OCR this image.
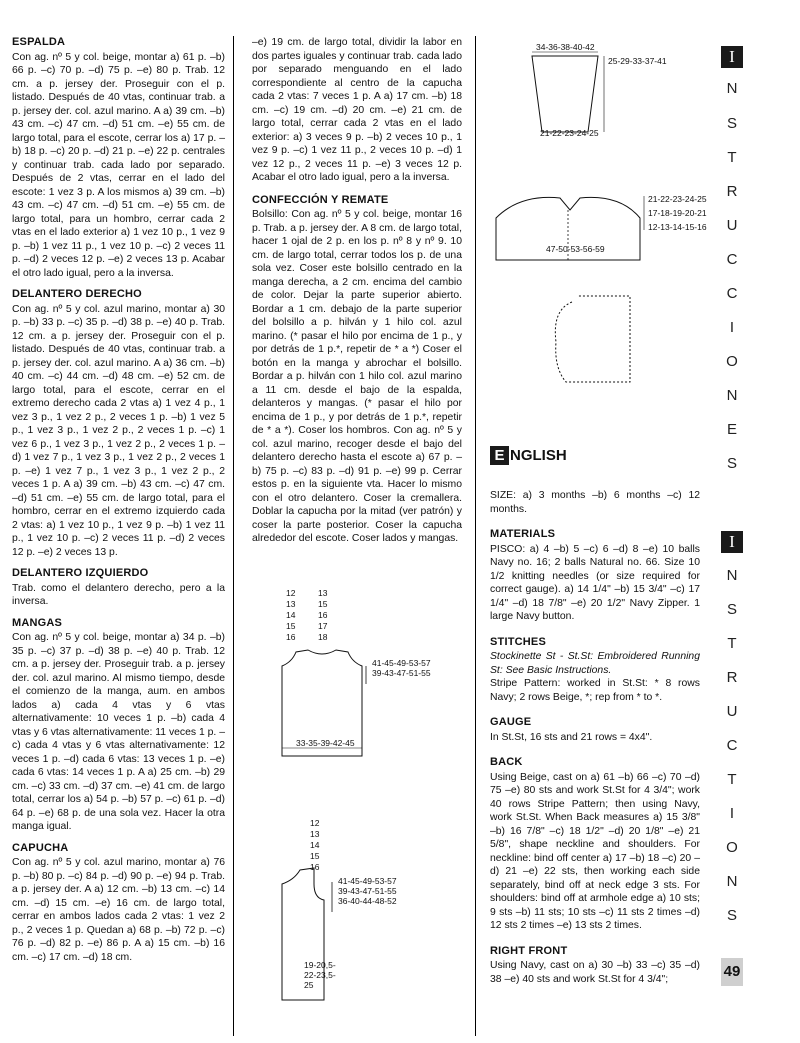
ESPALDA

Con ag. nº 5 y col. beige, montar a) 61 p. –b) 66 p. –c) 70 p. –d) 75 p. –e) 80 p. Trab. 12 cm. a p. jersey der. Proseguir con el p. listado. Después de 40 vtas, continuar trab. a p. jersey der. col. azul marino. A a) 39 cm. –b) 43 cm. –c) 47 cm. –d) 51 cm. –e) 55 cm. de largo total, para el escote, cerrar los a) 17 p. –b) 18 p. –c) 20 p. –d) 21 p. –e) 22 p. centrales y continuar trab. cada lado por separado. Después de 2 vtas, cerrar en el lado del escote: 1 vez 3 p. A los mismos a) 39 cm. –b) 43 cm. –c) 47 cm. –d) 51 cm. –e) 55 cm. de largo total, para un hombro, cerrar cada 2 vtas en el lado exterior a) 1 vez 10 p., 1 vez 9 p. –b) 1 vez 11 p., 1 vez 10 p. –c) 2 veces 11 p. –d) 2 veces 12 p. –e) 2 veces 13 p. Acabar el otro lado igual, pero a la inversa.

DELANTERO DERECHO

Con ag. nº 5 y col. azul marino, montar a) 30 p. –b) 33 p. –c) 35 p. –d) 38 p. –e) 40 p. Trab. 12 cm. a p. jersey der. Proseguir con el p. listado. Después de 40 vtas, continuar trab. a p. jersey der. col. azul marino. A a) 36 cm. –b) 40 cm. –c) 44 cm. –d) 48 cm. –e) 52 cm. de largo total, para el escote, cerrar en el extremo derecho cada 2 vtas a) 1 vez 4 p., 1 vez 3 p., 1 vez 2 p., 2 veces 1 p. –b) 1 vez 5 p., 1 vez 3 p., 1 vez 2 p., 2 veces 1 p. –c) 1 vez 6 p., 1 vez 3 p., 1 vez 2 p., 2 veces 1 p. –d) 1 vez 7 p., 1 vez 3 p., 1 vez 2 p., 2 veces 1 p. –e) 1 vez 7 p., 1 vez 3 p., 1 vez 2 p., 2 veces 1 p. A a) 39 cm. –b) 43 cm. –c) 47 cm. –d) 51 cm. –e) 55 cm. de largo total, para el hombro, cerrar en el extremo izquierdo cada 2 vtas: a) 1 vez 10 p., 1 vez 9 p. –b) 1 vez 11 p., 1 vez 10 p. –c) 2 veces 11 p. –d) 2 veces 12 p. –e) 2 veces 13 p.

DELANTERO IZQUIERDO

Trab. como el delantero derecho, pero a la inversa.

MANGAS

Con ag. nº 5 y col. beige, montar a) 34 p. –b) 35 p. –c) 37 p. –d) 38 p. –e) 40 p. Trab. 12 cm. a p. jersey der. Proseguir trab. a p. jersey der. col. azul marino. Al mismo tiempo, desde el comienzo de la manga, aum. en ambos lados a) cada 4 vtas y 6 vtas alternativamente: 10 veces 1 p. –b) cada 4 vtas y 6 vtas alternativamente: 11 veces 1 p. –c) cada 4 vtas y 6 vtas alternativamente: 12 veces 1 p. –d) cada 6 vtas: 13 veces 1 p. –e) cada 6 vtas: 14 veces 1 p. A a) 25 cm. –b) 29 cm. –c) 33 cm. –d) 37 cm. –e) 41 cm. de largo total, cerrar los a) 54 p. –b) 57 p. –c) 61 p. –d) 64 p. –e) 68 p. de una sola vez. Hacer la otra manga igual.

CAPUCHA

Con ag. nº 5 y col. azul marino, montar a) 76 p. –b) 80 p. –c) 84 p. –d) 90 p. –e) 94 p. Trab. a p. jersey der. A a) 12 cm. –b) 13 cm. –c) 14 cm. –d) 15 cm. –e) 16 cm. de largo total, cerrar en ambos lados cada 2 vtas: 1 vez 2 p., 2 veces 1 p. Quedan a) 68 p. –b) 72 p. –c) 76 p. –d) 82 p. –e) 86 p. A a) 15 cm. –b) 16 cm. –c) 17 cm. –d) 18 cm.

–e) 19 cm. de largo total, dividir la labor en dos partes iguales y continuar trab. cada lado por separado menguando en el lado correspondiente al centro de la capucha cada 2 vtas: 7 veces 1 p. A a) 17 cm. –b) 18 cm. –c) 19 cm. –d) 20 cm. –e) 21 cm. de largo total, cerrar cada 2 vtas en el lado exterior: a) 3 veces 9 p. –b) 2 veces 10 p., 1 vez 9 p. –c) 1 vez 11 p., 2 veces 10 p. –d) 1 vez 12 p., 2 veces 11 p. –e) 3 veces 12 p. Acabar el otro lado igual, pero a la inversa.

CONFECCIÓN Y REMATE

Bolsillo: Con ag. nº 5 y col. beige, montar 16 p. Trab. a p. jersey der. A 8 cm. de largo total, hacer 1 ojal de 2 p. en los p. nº 8 y nº 9. 10 cm. de largo total, cerrar todos los p. de una sola vez. Coser este bolsillo centrado en la manga derecha, a 2 cm. encima del cambio de color. Dejar la parte superior abierto. Bordar a 1 cm. debajo de la parte superior del bolsillo a p. hilván y 1 hilo col. azul marino. (* pasar el hilo por encima de 1 p., y por detrás de 1 p.*, repetir de * a *) Coser el botón en la manga y abrochar el bolsillo. Bordar a p. hilván con 1 hilo col. azul marino a 11 cm. desde el bajo de la espalda, delanteros y mangas. (* pasar el hilo por encima de 1 p., y por detrás de 1 p.*, repetir de * a *). Coser los hombros. Con ag. nº 5 y col. azul marino, recoger desde el bajo del delantero derecho hasta el escote a) 67 p. –b) 75 p. –c) 83 p. –d) 91 p. –e) 99 p. Cerrar estos p. en la siguiente vta. Hacer lo mismo con el otro delantero. Coser la cremallera. Doblar la capucha por la mitad (ver patrón) y coser la parte posterior. Coser la capucha alrededor del escote. Coser lados y mangas.

12
13
14
15
16
13
15
16
17
18
41-45-49-53-57
39-43-47-51-55
33-35-39-42-45
12
13
14
15
16
41-45-49-53-57
39-43-47-51-55
36-40-44-48-52
19-20,5-22-23,5-25
34-36-38-40-42
25-29-33-37-41
21-22-23-24-25
21-22-23-24-25
17-18-19-20-21
12-13-14-15-16
47-50-53-56-59
E NGLISH

SIZE: a) 3 months –b) 6 months –c) 12 months.

MATERIALS

PISCO: a) 4 –b) 5 –c) 6 –d) 8 –e) 10 balls Navy no. 16; 2 balls Natural no. 66. Size 10 1/2 knitting needles (or size required for correct gauge). a) 14 1/4" –b) 15 3/4" –c) 17 1/4" –d) 18 7/8" –e) 20 1/2" Navy Zipper. 1 large Navy button.

STITCHES

Stockinette St - St.St: Embroidered Running St: See Basic Instructions.

Stripe Pattern: worked in St.St: * 8 rows Navy; 2 rows Beige, *; rep from * to *.

GAUGE

In St.St, 16 sts and 21 rows = 4x4".

BACK

Using Beige, cast on a) 61 –b) 66 –c) 70 –d) 75 –e) 80 sts and work St.St for 4 3/4"; work 40 rows Stripe Pattern; then using Navy, work St.St. When Back measures a) 15 3/8" –b) 16 7/8" –c) 18 1/2" –d) 20 1/8" –e) 21 5/8", shape neckline and shoulders. For neckline: bind off center a) 17 –b) 18 –c) 20 –d) 21 –e) 22 sts, then working each side separately, bind off at neck edge 3 sts. For shoulders: bind off at armhole edge a) 10 sts; 9 sts –b) 11 sts; 10 sts –c) 11 sts 2 times –d) 12 sts 2 times –e) 13 sts 2 times.

RIGHT FRONT

Using Navy, cast on a) 30 –b) 33 –c) 35 –d) 38 –e) 40 sts and work St.St for 4 3/4";

I
N
S
T
R
U
C
C
I
O
N
E
S
I
N
S
T
R
U
C
T
I
O
N
S
49
